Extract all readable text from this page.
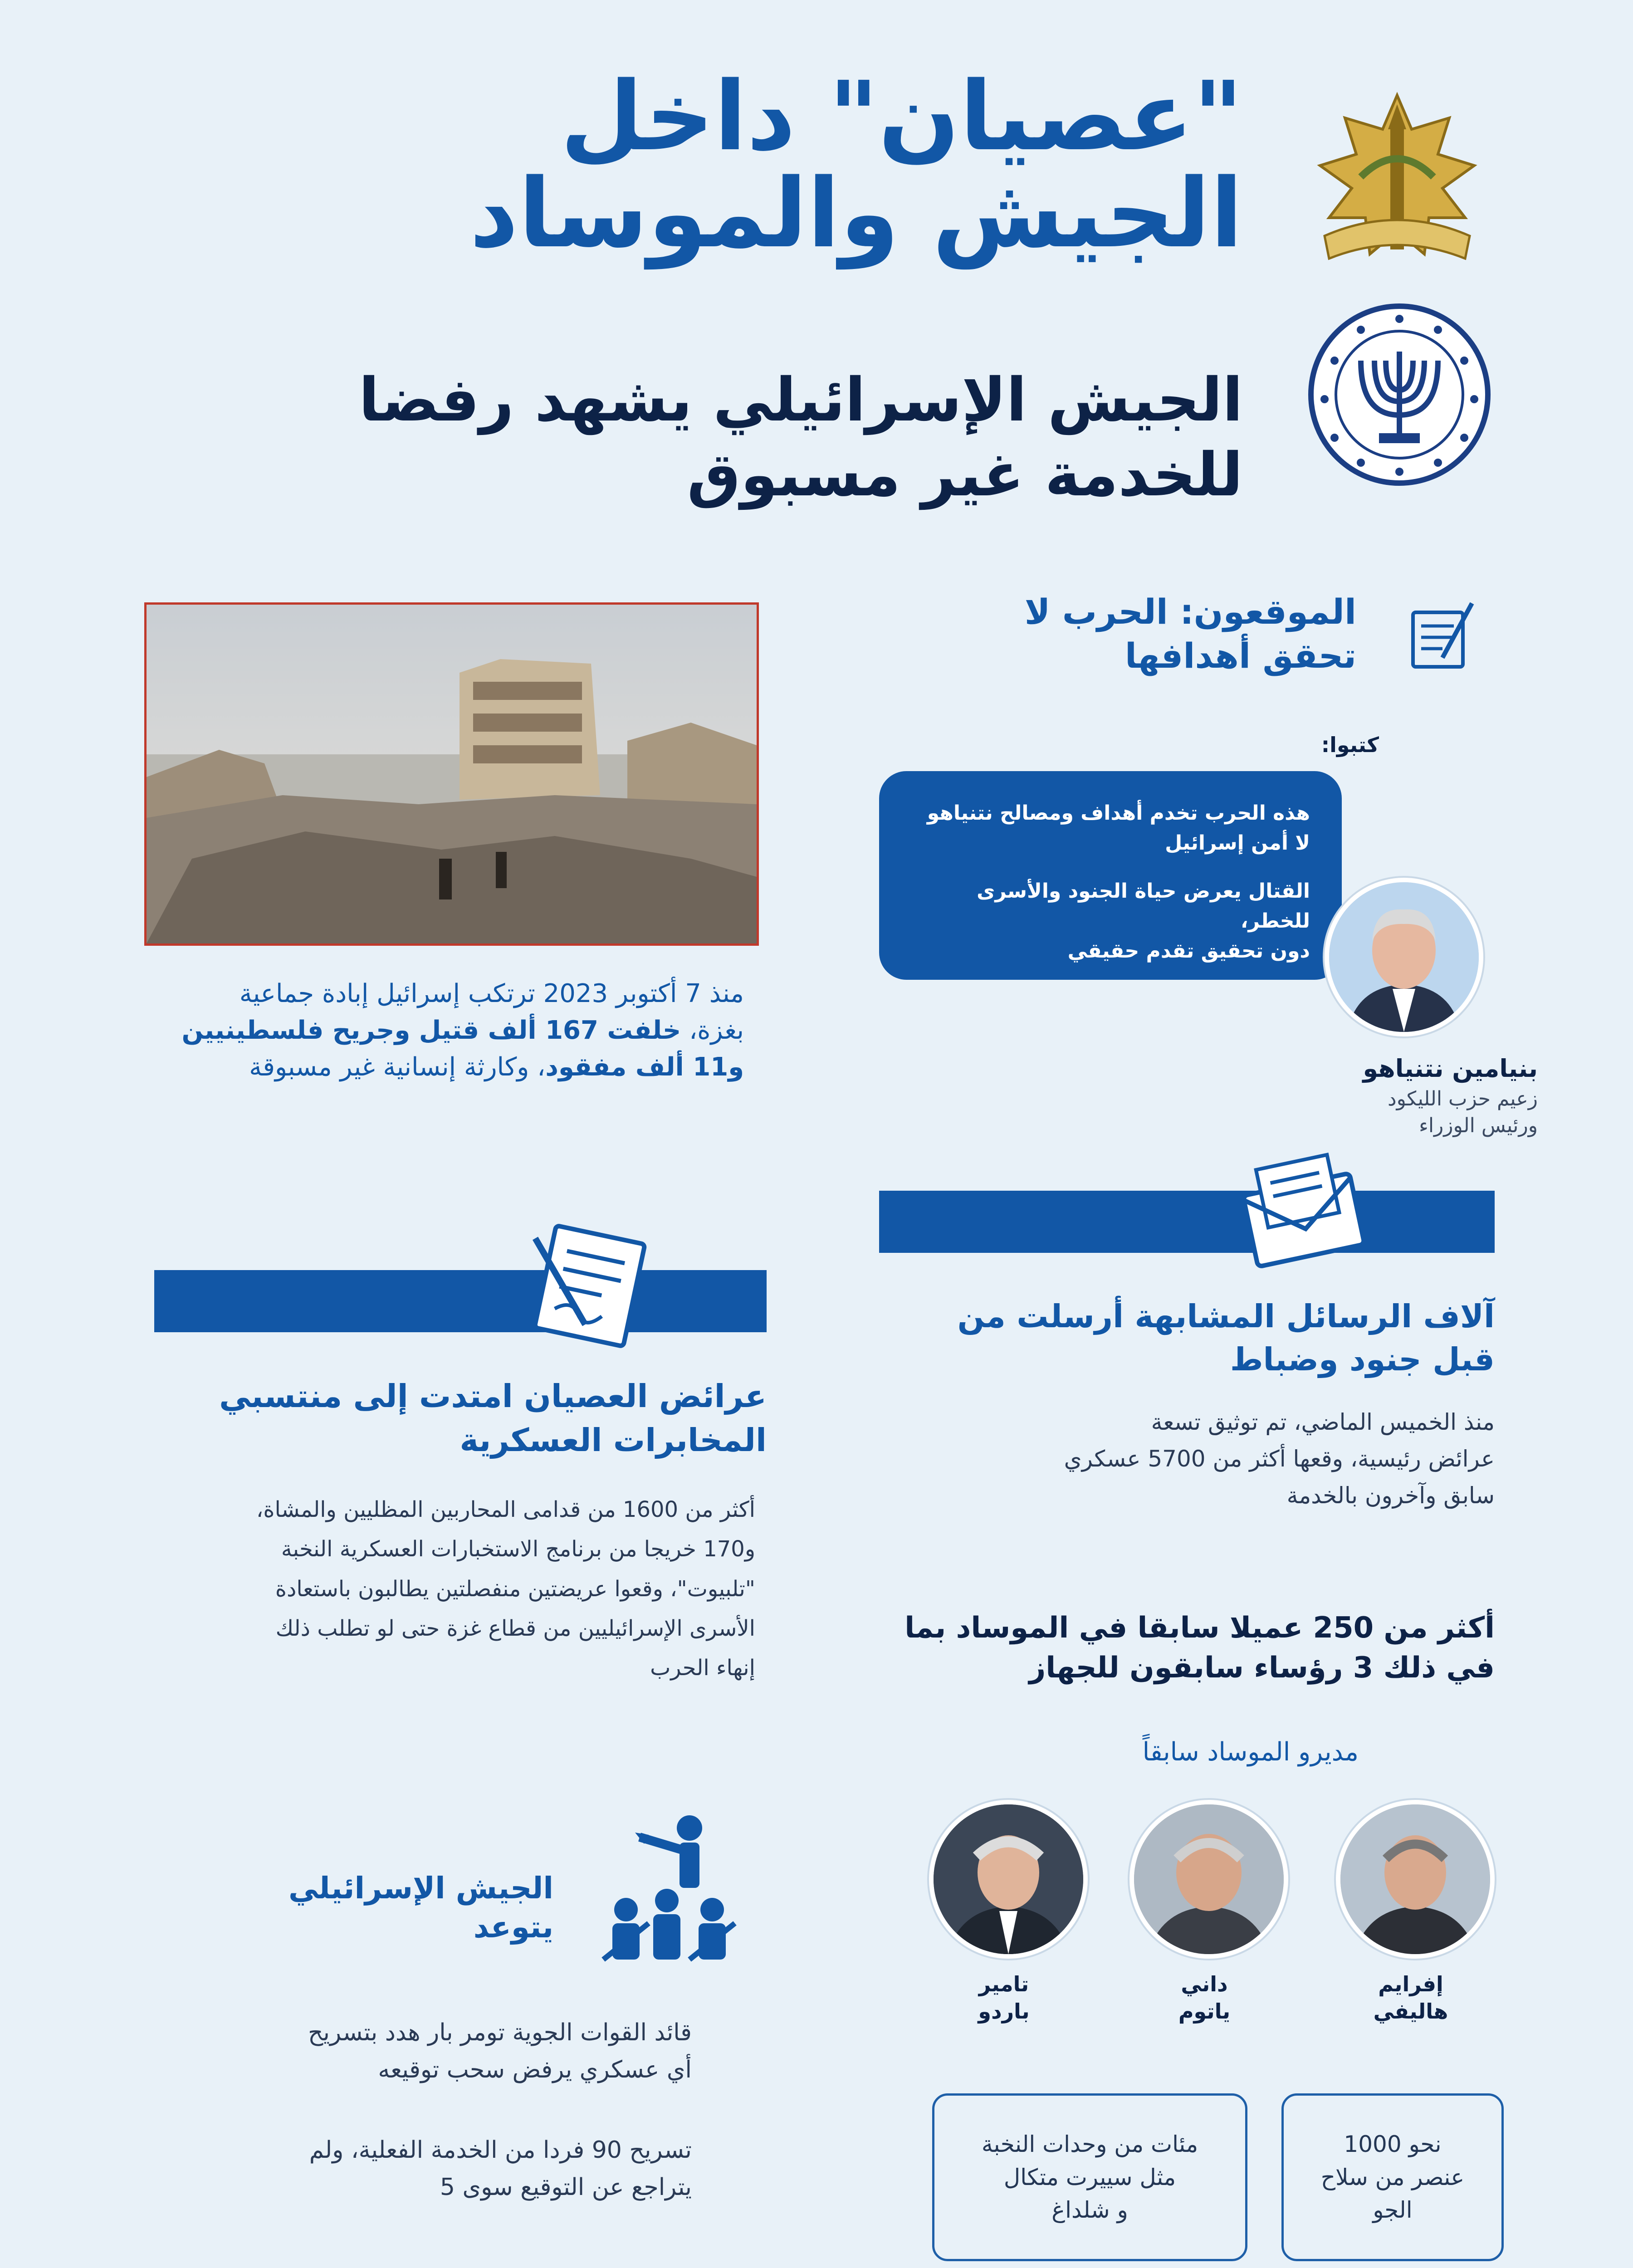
"عصيان" داخل
الجيش والموساد
الجيش الإسرائيلي يشهد رفضا
للخدمة غير مسبوق
الموقعون: الحرب لا
تحقق أهدافها
كتبوا:

هذه الحرب تخدم أهداف ومصالح نتنياهو

لا أمن إسرائيل

القتال يعرض حياة الجنود والأسرى للخطر،

دون تحقيق تقدم حقيقي

بنيامين نتنياهو
زعيم حزب الليكود
ورئيس الوزراء
منذ 7 أكتوبر 2023 ترتكب إسرائيل إبادة جماعية
بغزة، خلفت 167 ألف قتيل وجريح فلسطينيين
و11 ألف مفقود، وكارثة إنسانية غير مسبوقة
آلاف الرسائل المشابهة أرسلت من
قبل جنود وضباط
منذ الخميس الماضي، تم توثيق تسعة
عرائض رئيسية، وقعها أكثر من 5700 عسكري
سابق وآخرون بالخدمة
عرائض العصيان امتدت إلى منتسبي
المخابرات العسكرية
أكثر من 1600 من قدامى المحاربين المظليين والمشاة،
و170 خريجا من برنامج الاستخبارات العسكرية النخبة
"تلبيوت"، وقعوا عريضتين منفصلتين يطالبون باستعادة
الأسرى الإسرائيليين من قطاع غزة حتى لو تطلب ذلك
إنهاء الحرب
أكثر من 250 عميلا سابقا في الموساد بما
في ذلك 3 رؤساء سابقون للجهاز
مديرو الموساد سابقاً
إفرايم
هاليفي
داني
ياتوم
تامير
باردو
نحو 1000
عنصر من سلاح
الجو
مئات من وحدات النخبة
مثل سييرت متكال
و شلداغ
الجيش الإسرائيلي
يتوعد
قائد القوات الجوية تومر بار هدد بتسريح
أي عسكري يرفض سحب توقيعه
تسريح 90 فردا من الخدمة الفعلية، ولم
يتراجع عن التوقيع سوى 5
